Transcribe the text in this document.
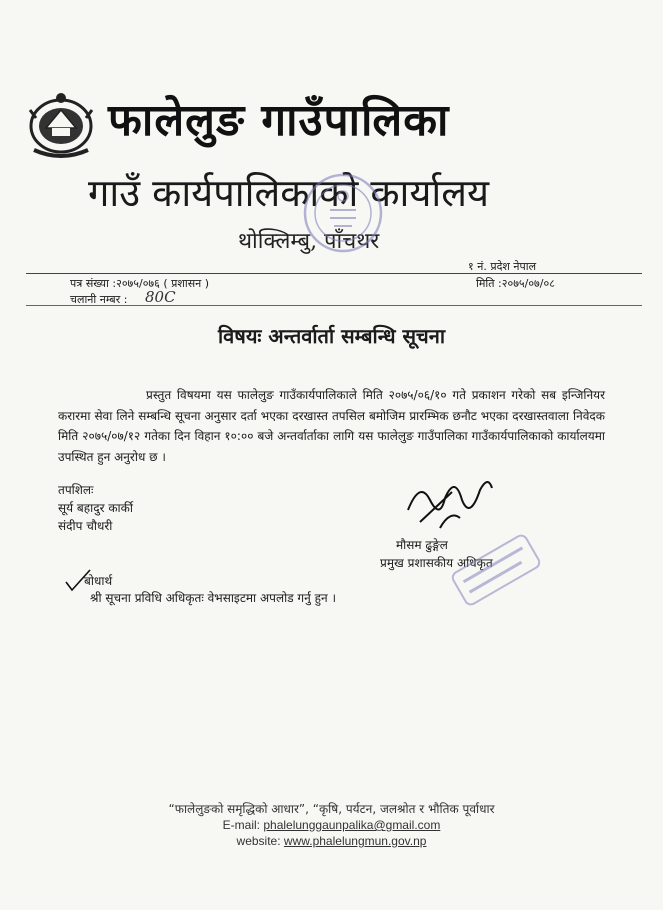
फालेलुङ गाउँपालिका
गाउँ कार्यपालिकाको कार्यालय
थोक्लिम्बु, पाँचथर
१ नं. प्रदेश नेपाल
पत्र संख्या :२०७५/०७६ ( प्रशासन )	मिति :२०७५/०७/०८
चलानी नम्बर : 80C
विषयः अन्तर्वार्ता सम्बन्धि सूचना
प्रस्तुत विषयमा यस फालेलुङ गाउँकार्यपालिकाले मिति २०७५/०६/१० गते प्रकाशन गरेको सब इन्जिनियर करारमा सेवा लिने सम्बन्धि सूचना अनुसार दर्ता भएका दरखास्त तपसिल बमोजिम प्रारम्भिक छनौट भएका दरखास्तवाला निवेदक मिति २०७५/०७/१२ गतेका दिन विहान १०:०० बजे अन्तर्वार्ताका लागि यस फालेलुङ गाउँपालिका गाउँकार्यपालिकाको कार्यालयमा उपस्थित हुन अनुरोध छ ।
तपशिलः
सूर्य बहादुर कार्की
संदीप चौधरी
मौसम ढुङ्गेल
प्रमुख प्रशासकीय अधिकृत
बोधार्थ
श्री सूचना प्रविधि अधिकृतः वेभसाइटमा अपलोड गर्नु हुन ।
“फालेलुङको समृद्धिको आधार”, “कृषि, पर्यटन, जलश्रोत र भौतिक पूर्वाधार
E-mail: phalelunggaunpalika@gmail.com
website: www.phalelungmun.gov.np
